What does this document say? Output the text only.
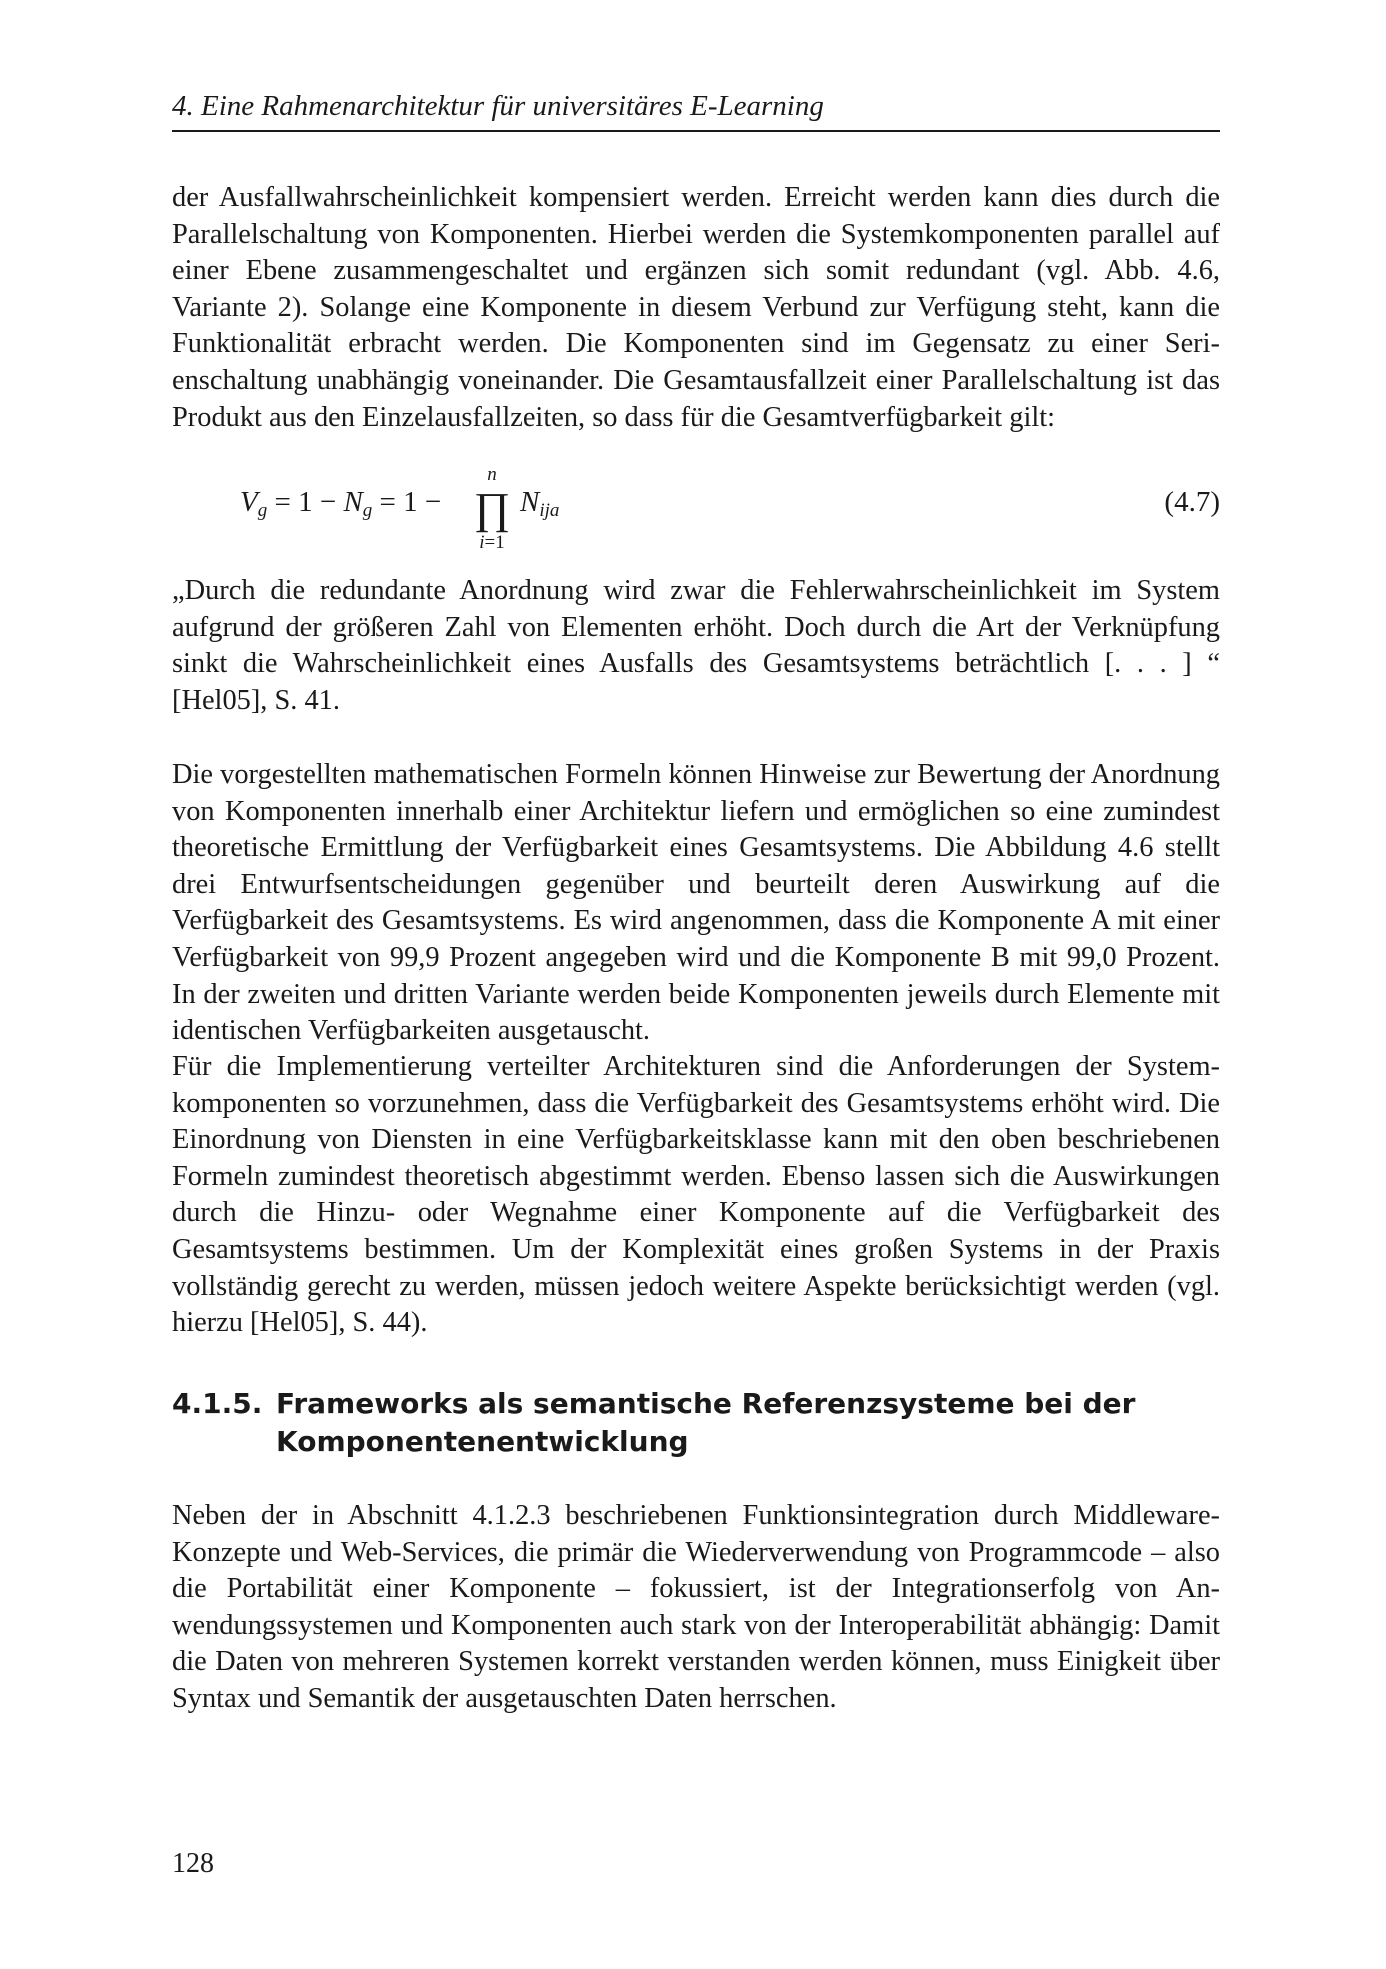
4. Eine Rahmenarchitektur für universitäres E-Learning

der Ausfallwahrscheinlichkeit kompensiert werden. Erreicht werden kann dies durch die Parallelschaltung von Komponenten. Hierbei werden die Systemkomponenten parallel auf einer Ebene zusammengeschaltet und ergänzen sich somit redundant (vgl. Abb. 4.6, Variante 2). Solange eine Komponente in diesem Verbund zur Verfügung steht, kann die Funktionalität erbracht werden. Die Komponenten sind im Gegensatz zu einer Serienschaltung unabhängig voneinander. Die Gesamtausfallzeit einer Parallelschaltung ist das Produkt aus den Einzelausfallzeiten, so dass für die Gesamtverfügbarkeit gilt:

$V_g = 1 - N_g = 1$ −
n
∏
i=1
$N_{ija}$	(4.7)

„Durch die redundante Anordnung wird zwar die Fehlerwahrscheinlichkeit im System aufgrund der größeren Zahl von Elementen erhöht. Doch durch die Art der Verknüpfung sinkt die Wahrscheinlichkeit eines Ausfalls des Gesamtsystems beträchtlich [. . . ] “ [Hel05], S. 41.

Die vorgestellten mathematischen Formeln können Hinweise zur Bewertung der Anordnung von Komponenten innerhalb einer Architektur liefern und ermöglichen so eine zumindest theoretische Ermittlung der Verfügbarkeit eines Gesamtsystems. Die Abbildung 4.6 stellt drei Entwurfsentscheidungen gegenüber und beurteilt deren Auswirkung auf die Verfügbarkeit des Gesamtsystems. Es wird angenommen, dass die Komponente A mit einer Verfügbarkeit von 99,9 Prozent angegeben wird und die Komponente B mit 99,0 Prozent. In der zweiten und dritten Variante werden beide Komponenten jeweils durch Elemente mit identischen Verfügbarkeiten ausgetauscht.

Für die Implementierung verteilter Architekturen sind die Anforderungen der Systemkomponenten so vorzunehmen, dass die Verfügbarkeit des Gesamtsystems erhöht wird. Die Einordnung von Diensten in eine Verfügbarkeitsklasse kann mit den oben beschriebenen Formeln zumindest theoretisch abgestimmt werden. Ebenso lassen sich die Auswirkungen durch die Hinzu- oder Wegnahme einer Komponente auf die Verfügbarkeit des Gesamtsystems bestimmen. Um der Komplexität eines großen Systems in der Praxis vollständig gerecht zu werden, müssen jedoch weitere Aspekte berücksichtigt werden (vgl. hierzu [Hel05], S. 44).

4.1.5. Frameworks als semantische Referenzsysteme bei der
Komponentenentwicklung

Neben der in Abschnitt 4.1.2.3 beschriebenen Funktionsintegration durch Middleware-Konzepte und Web-Services, die primär die Wiederverwendung von Programmcode – also die Portabilität einer Komponente – fokussiert, ist der Integrationserfolg von Anwendungssystemen und Komponenten auch stark von der Interoperabilität abhängig: Damit die Daten von mehreren Systemen korrekt verstanden werden können, muss Einigkeit über Syntax und Semantik der ausgetauschten Daten herrschen.

128
